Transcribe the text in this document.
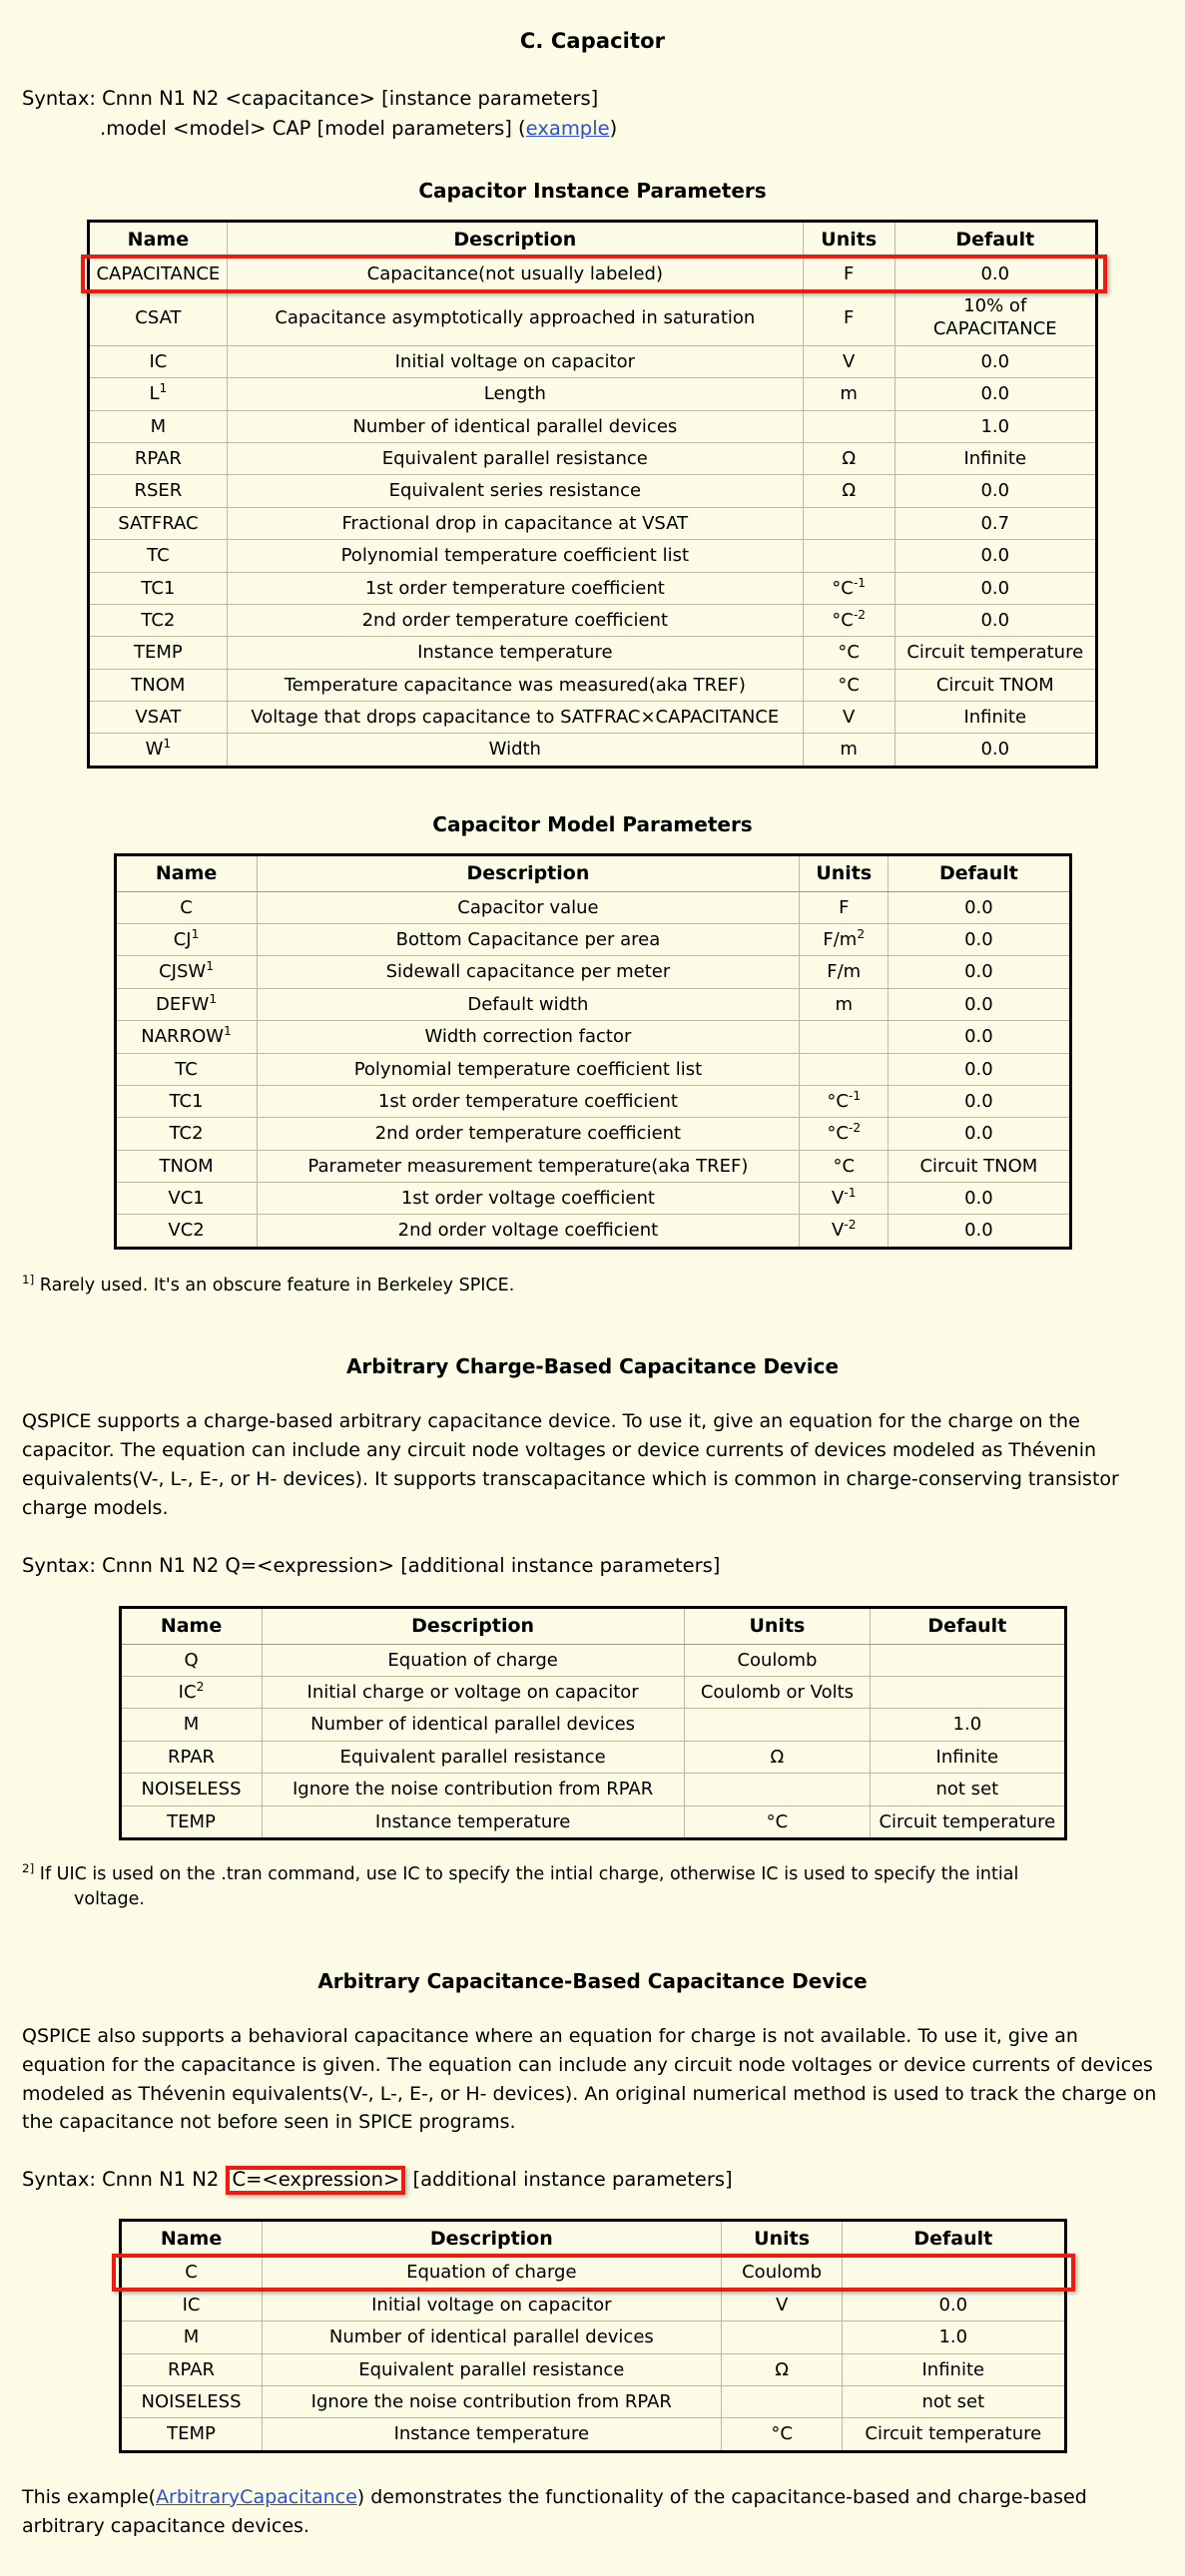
C. Capacitor
Syntax: Cnnn N1 N2 <capacitance> [instance parameters]
.model <model> CAP [model parameters] (example)
Capacitor Instance Parameters
Name	Description	Units	Default
CAPACITANCE	Capacitance(not usually labeled)	F	0.0
CSAT	Capacitance asymptotically approached in saturation	F	10% of CAPACITANCE
IC	Initial voltage on capacitor	V	0.0
$L^1$	Length	m	0.0
M	Number of identical parallel devices		1.0
RPAR	Equivalent parallel resistance	Ω	Infinite
RSER	Equivalent series resistance	Ω	0.0
SATFRAC	Fractional drop in capacitance at VSAT		0.7
TC	Polynomial temperature coefficient list		0.0
TC1	1st order temperature coefficient	$^\circ C^{-1}$	0.0
TC2	2nd order temperature coefficient	$^\circ C^{-2}$	0.0
TEMP	Instance temperature	°C	Circuit temperature
TNOM	Temperature capacitance was measured(aka TREF)	°C	Circuit TNOM
VSAT	Voltage that drops capacitance to SATFRAC×CAPACITANCE	V	Infinite
$W^1$	Width	m	0.0
Capacitor Model Parameters
Name	Description	Units	Default
C	Capacitor value	F	0.0
$CJ^1$	Bottom Capacitance per area	$F/m^2$	0.0
CJSW$^1$	Sidewall capacitance per meter	F/m	0.0
DEFW$^1$	Default width	m	0.0
NARROW$^1$	Width correction factor		0.0
TC	Polynomial temperature coefficient list		0.0
TC1	1st order temperature coefficient	$^\circ C^{-1}$	0.0
TC2	2nd order temperature coefficient	$^\circ C^{-2}$	0.0
TNOM	Parameter measurement temperature(aka TREF)	°C	Circuit TNOM
VC1	1st order voltage coefficient	$V^{-1}$	0.0
VC2	2nd order voltage coefficient	$V^{-2}$	0.0
$^{1]}$ Rarely used. It's an obscure feature in Berkeley SPICE.
Arbitrary Charge-Based Capacitance Device

QSPICE supports a charge-based arbitrary capacitance device. To use it, give an equation for the charge on the capacitor. The equation can include any circuit node voltages or device currents of devices modeled as Thévenin equivalents(V-, L-, E-, or H- devices). It supports transcapacitance which is common in charge-conserving transistor charge models.

Syntax: Cnnn N1 N2 Q=<expression> [additional instance parameters]
Name	Description	Units	Default
Q	Equation of charge	Coulomb	
$IC^2$	Initial charge or voltage on capacitor	Coulomb or Volts	
M	Number of identical parallel devices		1.0
RPAR	Equivalent parallel resistance	Ω	Infinite
NOISELESS	Ignore the noise contribution from RPAR		not set
TEMP	Instance temperature	°C	Circuit temperature
$^{2]}$ If UIC is used on the .tran command, use IC to specify the intial charge, otherwise IC is used to specify the intial
voltage.
Arbitrary Capacitance-Based Capacitance Device

QSPICE also supports a behavioral capacitance where an equation for charge is not available. To use it, give an equation for the capacitance is given. The equation can include any circuit node voltages or device currents of devices modeled as Thévenin equivalents(V-, L-, E-, or H- devices). An original numerical method is used to track the charge on the capacitance not before seen in SPICE programs.

Syntax: Cnnn N1 N2 C=<expression> [additional instance parameters]
Name	Description	Units	Default
C	Equation of charge	Coulomb	
IC	Initial voltage on capacitor	V	0.0
M	Number of identical parallel devices		1.0
RPAR	Equivalent parallel resistance	Ω	Infinite
NOISELESS	Ignore the noise contribution from RPAR		not set
TEMP	Instance temperature	°C	Circuit temperature

This example(ArbitraryCapacitance) demonstrates the functionality of the capacitance-based and charge-based arbitrary capacitance devices.
